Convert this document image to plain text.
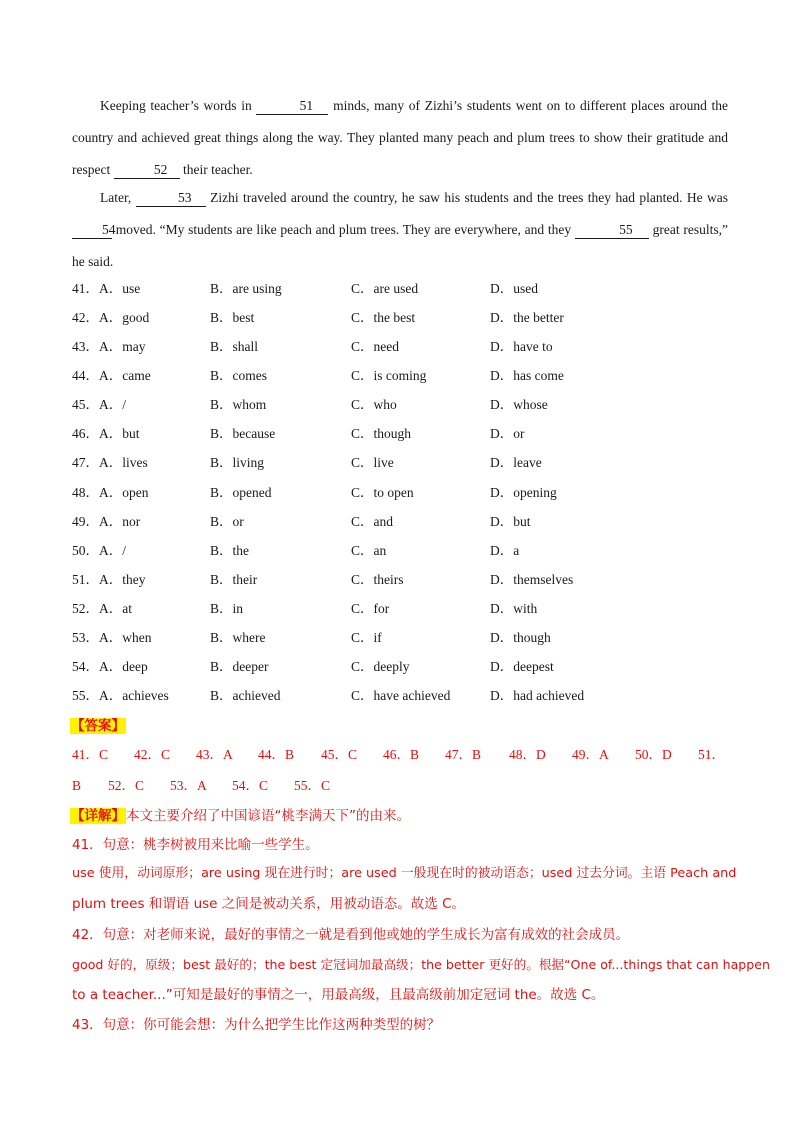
Keeping teacher’s words in	51 minds, many of Zizhi’s students went on to different places around the country and achieved great things along the way. They planted many peach and plum trees to show their gratitude and respect	52 their teacher.
Later,	53 Zizhi traveled around the country, he saw his students and the trees they had planted. He was 54 moved. “My students are like peach and plum trees. They are everywhere, and they	55 great results,” he said.
41．A．use	B．are using	C．are used	D．used
42．A．good	B．best	C．the best	D．the better
43．A．may	B．shall	C．need	D．have to
44．A．came	B．comes	C．is coming	D．has come
45．A．/	B．whom	C．who	D．whose
46．A．but	B．because	C．though	D．or
47．A．lives	B．living	C．live	D．leave
48．A．open	B．opened	C．to open	D．opening
49．A．nor	B．or	C．and	D．but
50．A．/	B．the	C．an	D．a
51．A．they	B．their	C．theirs	D．themselves
52．A．at	B．in	C．for	D．with
53．A．when	B．where	C．if	D．though
54．A．deep	B．deeper	C．deeply	D．deepest
55．A．achieves	B．achieved	C．have achieved	D．had achieved
【答案】
41．C 42．C 43．A 44．B 45．C 46．B 47．B 48．D 49．A 50．D 51．
B 52．C 53．A 54．C 55．C
【详解】本文主要介绍了中国谚语“桃李满天下”的由来。
41．句意：桃李树被用来比喻一些学生。
use 使用，动词原形；are using 现在进行时；are used 一般现在时的被动语态；used 过去分词。主语 Peach and
plum trees 和谓语 use 之间是被动关系，用被动语态。故选 C。
42．句意：对老师来说，最好的事情之一就是看到他或她的学生成长为富有成效的社会成员。
good 好的，原级；best 最好的；the best 定冠词加最高级；the better 更好的。根据“One of...things that can happen
to a teacher...”可知是最好的事情之一，用最高级，且最高级前加定冠词 the。故选 C。
43．句意：你可能会想：为什么把学生比作这两种类型的树？
